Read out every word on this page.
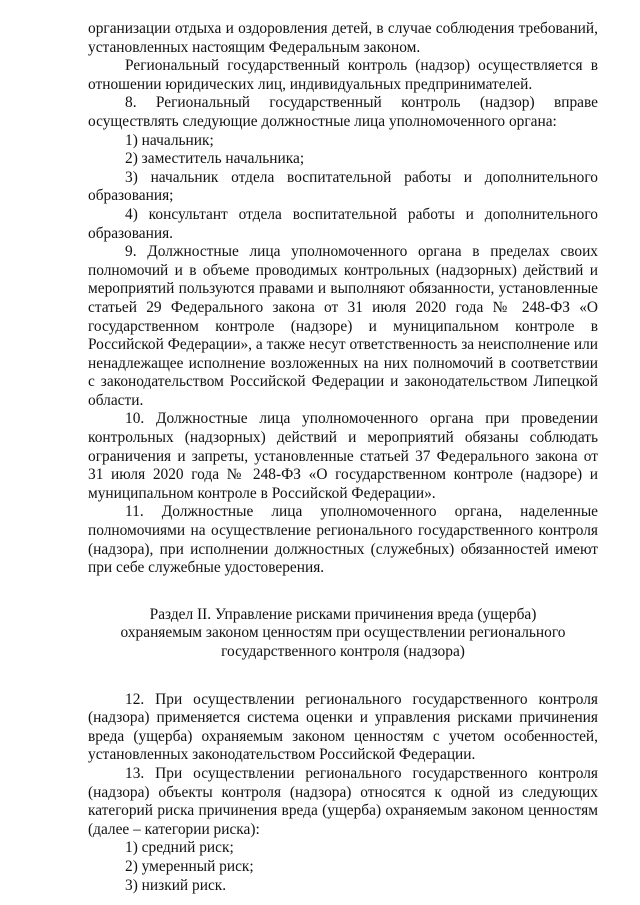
организации отдыха и оздоровления детей, в случае соблюдения требований, установленных настоящим Федеральным законом.

Региональный государственный контроль (надзор) осуществляется в отношении юридических лиц, индивидуальных предпринимателей.

8. Региональный государственный контроль (надзор) вправе осуществлять следующие должностные лица уполномоченного органа:

1) начальник;

2) заместитель начальника;

3) начальник отдела воспитательной работы и дополнительного образования;

4) консультант отдела воспитательной работы и дополнительного образования.

9. Должностные лица уполномоченного органа в пределах своих полномочий и в объеме проводимых контрольных (надзорных) действий и мероприятий пользуются правами и выполняют обязанности, установленные статьей 29 Федерального закона от 31 июля 2020 года № 248-ФЗ «О государственном контроле (надзоре) и муниципальном контроле в Российской Федерации», а также несут ответственность за неисполнение или ненадлежащее исполнение возложенных на них полномочий в соответствии с законодательством Российской Федерации и законодательством Липецкой области.

10. Должностные лица уполномоченного органа при проведении контрольных (надзорных) действий и мероприятий обязаны соблюдать ограничения и запреты, установленные статьей 37 Федерального закона от 31 июля 2020 года № 248-ФЗ «О государственном контроле (надзоре) и муниципальном контроле в Российской Федерации».

11. Должностные лица уполномоченного органа, наделенные полномочиями на осуществление регионального государственного контроля (надзора), при исполнении должностных (служебных) обязанностей имеют при себе служебные удостоверения.

Раздел II. Управление рисками причинения вреда (ущерба)
охраняемым законом ценностям при осуществлении регионального
государственного контроля (надзора)

12. При осуществлении регионального государственного контроля (надзора) применяется система оценки и управления рисками причинения вреда (ущерба) охраняемым законом ценностям с учетом особенностей, установленных законодательством Российской Федерации.

13. При осуществлении регионального государственного контроля (надзора) объекты контроля (надзора) относятся к одной из следующих категорий риска причинения вреда (ущерба) охраняемым законом ценностям (далее – категории риска):

1) средний риск;

2) умеренный риск;

3) низкий риск.
